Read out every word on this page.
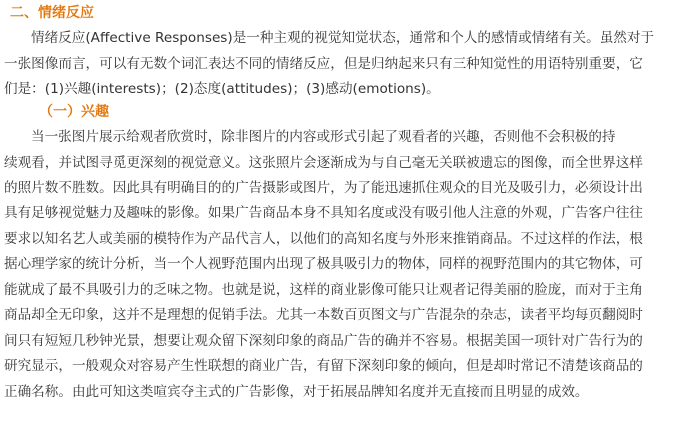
二、情绪反应
情绪反应(Affective Responses)是一种主观的视觉知觉状态，通常和个人的感情或情绪有关。虽然对于
一张图像而言，可以有无数个词汇表达不同的情绪反应，但是归纳起来只有三种知觉性的用语特别重要，它
们是：(1)兴趣(interests)；(2)态度(attitudes)；(3)感动(emotions)。
（一）兴趣
当一张图片展示给观者欣赏时，除非图片的内容或形式引起了观看者的兴趣，否则他不会积极的持
续观看，并试图寻觅更深刻的视觉意义。这张照片会逐渐成为与自己毫无关联被遗忘的图像，而全世界这样
的照片数不胜数。因此具有明确目的的广告摄影或图片，为了能迅速抓住观众的目光及吸引力，必须设计出
具有足够视觉魅力及趣味的影像。如果广告商品本身不具知名度或没有吸引他人注意的外观，广告客户往往
要求以知名艺人或美丽的模特作为产品代言人，以他们的高知名度与外形来推销商品。不过这样的作法，根
据心理学家的统计分析，当一个人视野范围内出现了极具吸引力的物体，同样的视野范围内的其它物体，可
能就成了最不具吸引力的乏味之物。也就是说，这样的商业影像可能只让观者记得美丽的脸庞，而对于主角
商品却全无印象，这并不是理想的促销手法。尤其一本数百页图文与广告混杂的杂志，读者平均每页翻阅时
间只有短短几秒钟光景，想要让观众留下深刻印象的商品广告的确并不容易。根据美国一项针对广告行为的
研究显示，一般观众对容易产生性联想的商业广告，有留下深刻印象的倾向，但是却时常记不清楚该商品的
正确名称。由此可知这类喧宾夺主式的广告影像，对于拓展品牌知名度并无直接而且明显的成效。
